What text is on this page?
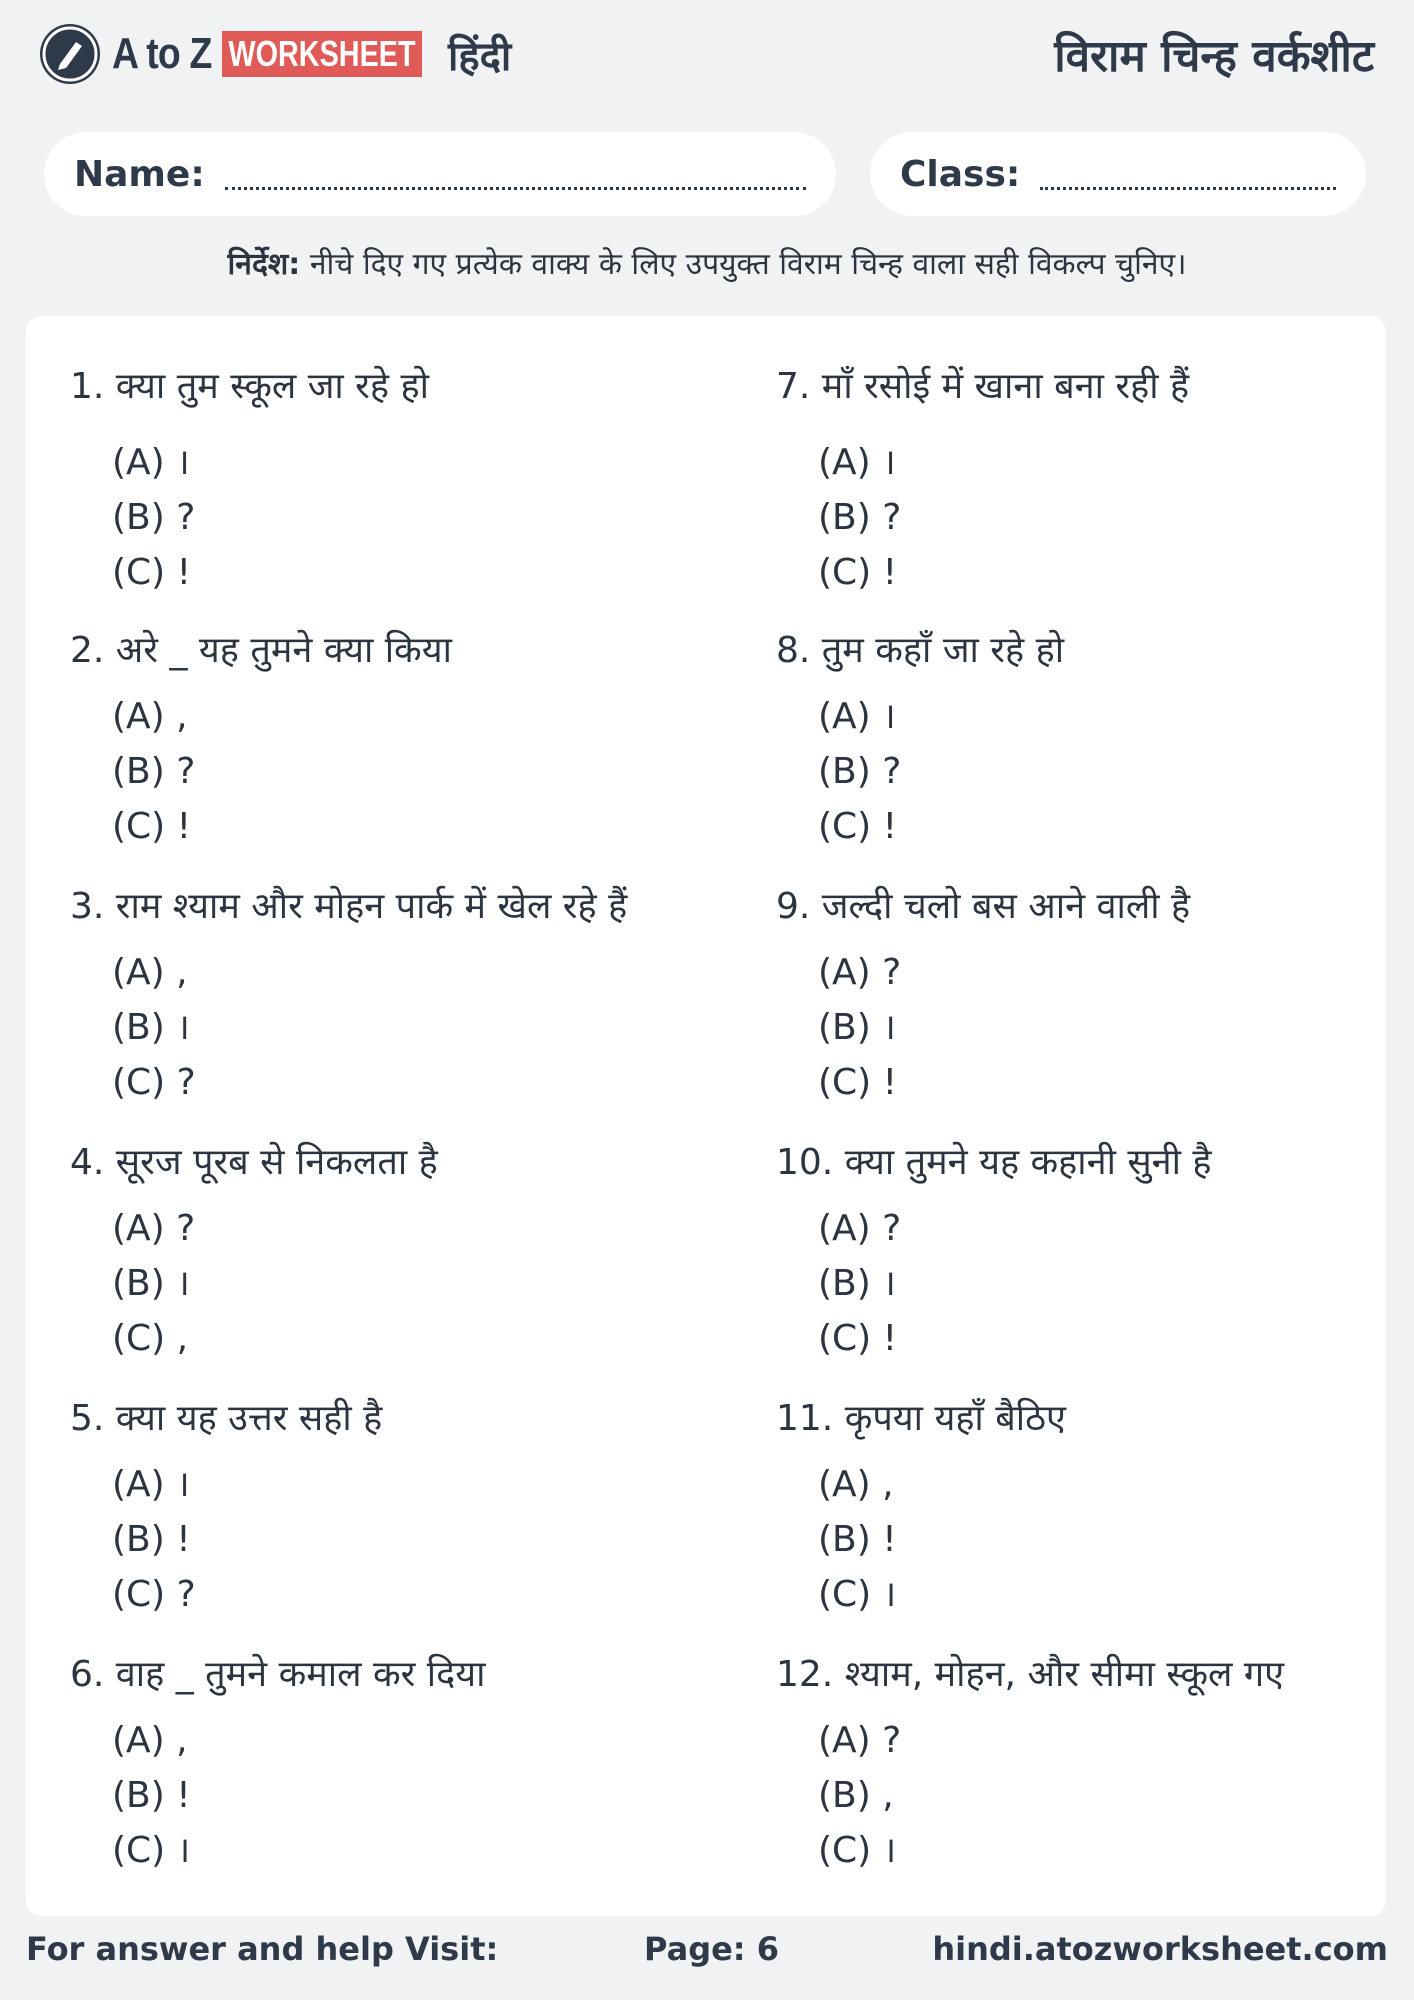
A to Z WORKSHEET हिंदी	विराम चिन्ह वर्कशीट
Name:	Class:
निर्देश: नीचे दिए गए प्रत्येक वाक्य के लिए उपयुक्त विराम चिन्ह वाला सही विकल्प चुनिए।
1. क्या तुम स्कूल जा रहे हो
(A) ।
(B) ?
(C) !
2. अरे _ यह तुमने क्या किया
(A) ,
(B) ?
(C) !
3. राम श्याम और मोहन पार्क में खेल रहे हैं
(A) ,
(B) ।
(C) ?
4. सूरज पूरब से निकलता है
(A) ?
(B) ।
(C) ,
5. क्या यह उत्तर सही है
(A) ।
(B) !
(C) ?
6. वाह _ तुमने कमाल कर दिया
(A) ,
(B) !
(C) ।
7. माँ रसोई में खाना बना रही हैं
(A) ।
(B) ?
(C) !
8. तुम कहाँ जा रहे हो
(A) ।
(B) ?
(C) !
9. जल्दी चलो बस आने वाली है
(A) ?
(B) ।
(C) !
10. क्या तुमने यह कहानी सुनी है
(A) ?
(B) ।
(C) !
11. कृपया यहाँ बैठिए
(A) ,
(B) !
(C) ।
12. श्याम, मोहन, और सीमा स्कूल गए
(A) ?
(B) ,
(C) ।
For answer and help Visit:	Page: 6	hindi.atozworksheet.com
